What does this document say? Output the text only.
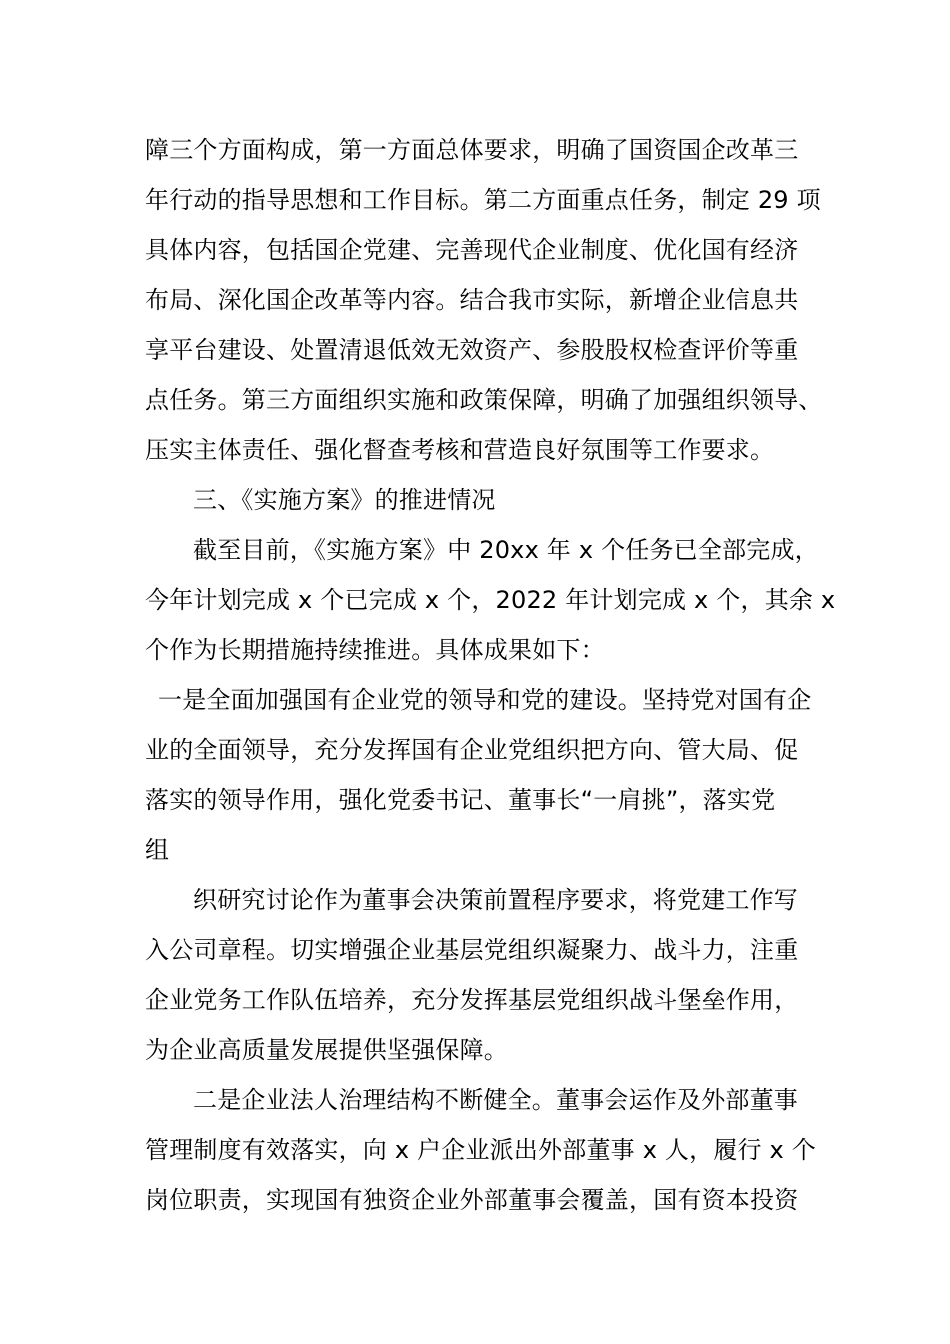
障三个方面构成，第一方面总体要求，明确了国资国企改革三
年行动的指导思想和工作目标。第二方面重点任务，制定 29 项
具体内容，包括国企党建、完善现代企业制度、优化国有经济
布局、深化国企改革等内容。结合我市实际，新增企业信息共
享平台建设、处置清退低效无效资产、参股股权检查评价等重
点任务。第三方面组织实施和政策保障，明确了加强组织领导、
压实主体责任、强化督查考核和营造良好氛围等工作要求。
三、《实施方案》的推进情况
截至目前，《实施方案》中 20xx 年 x 个任务已全部完成，
今年计划完成 x 个已完成 x 个，2022 年计划完成 x 个，其余 x
个作为长期措施持续推进。具体成果如下：
一是全面加强国有企业党的领导和党的建设。坚持党对国有企
业的全面领导，充分发挥国有企业党组织把方向、管大局、促
落实的领导作用，强化党委书记、董事长“一肩挑”，落实党
组
织研究讨论作为董事会决策前置程序要求，将党建工作写
入公司章程。切实增强企业基层党组织凝聚力、战斗力，注重
企业党务工作队伍培养，充分发挥基层党组织战斗堡垒作用，
为企业高质量发展提供坚强保障。
二是企业法人治理结构不断健全。董事会运作及外部董事
管理制度有效落实，向 x 户企业派出外部董事 x 人，履行 x 个
岗位职责，实现国有独资企业外部董事会覆盖，国有资本投资
